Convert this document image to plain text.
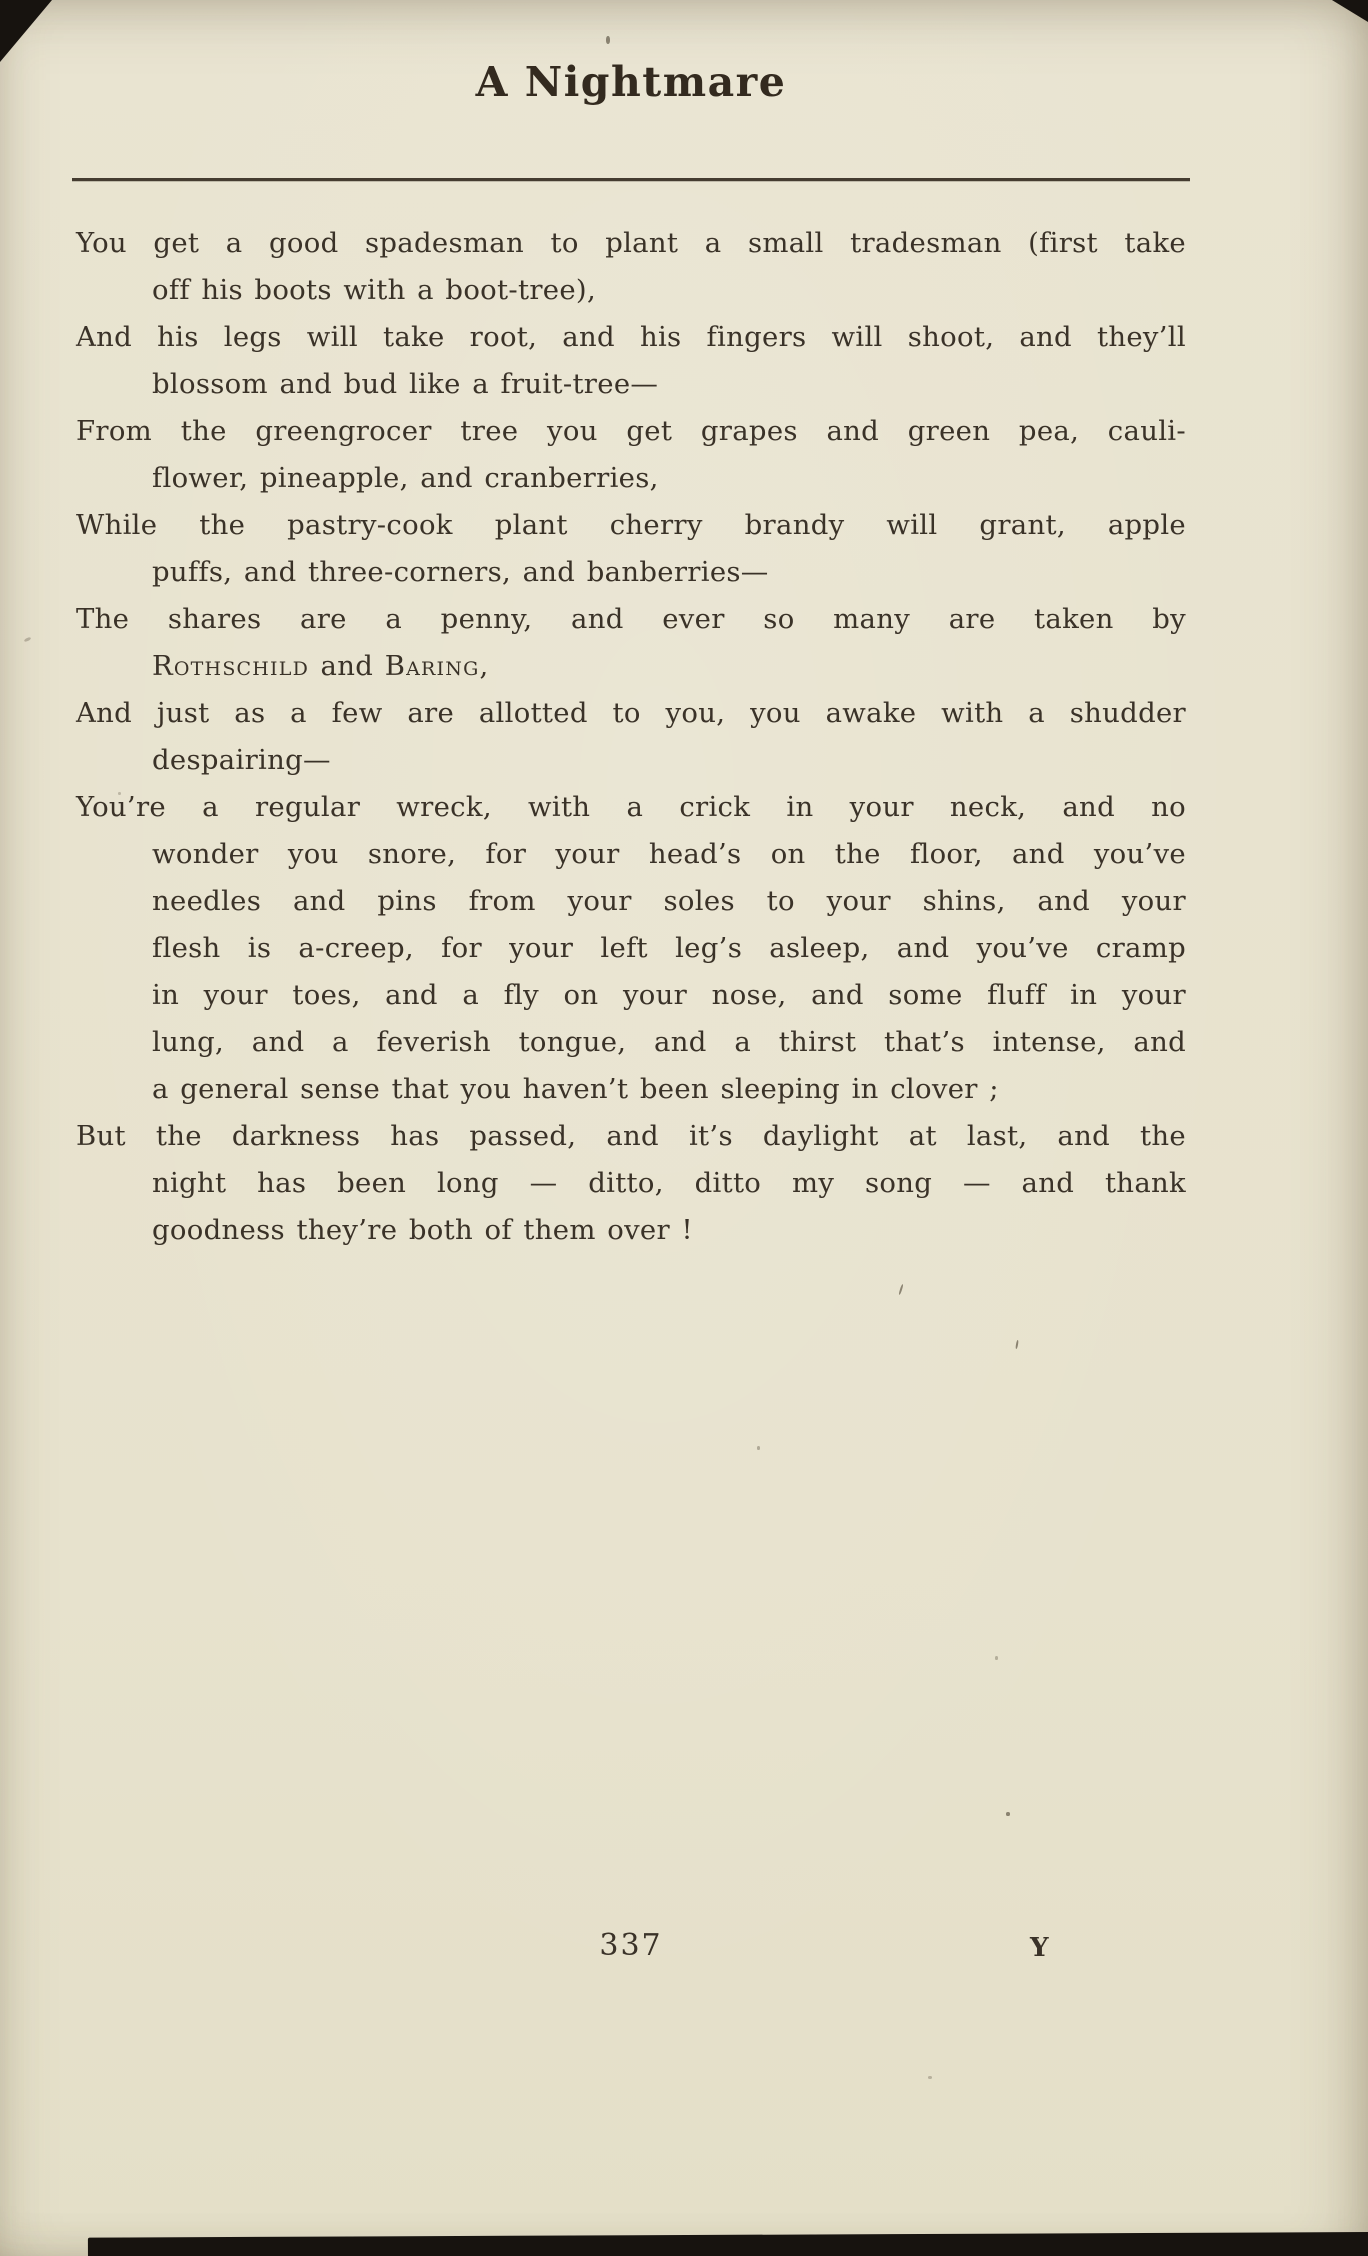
A Nightmare
You get a good spadesman to plant a small tradesman (first take
off his boots with a boot-tree),
And his legs will take root, and his fingers will shoot, and they’ll
blossom and bud like a fruit-tree—
From the greengrocer tree you get grapes and green pea, cauli-
flower, pineapple, and cranberries,
While the pastry-cook plant cherry brandy will grant, apple
puffs, and three-corners, and banberries—
The shares are a penny, and ever so many are taken by
Rothschild and Baring,
And just as a few are allotted to you, you awake with a shudder
despairing—
You’re a regular wreck, with a crick in your neck, and no
wonder you snore, for your head’s on the floor, and you’ve
needles and pins from your soles to your shins, and your
flesh is a-creep, for your left leg’s asleep, and you’ve cramp
in your toes, and a fly on your nose, and some fluff in your
lung, and a feverish tongue, and a thirst that’s intense, and
a general sense that you haven’t been sleeping in clover ;
But the darkness has passed, and it’s daylight at last, and the
night has been long — ditto, ditto my song — and thank
goodness they’re both of them over !
337	Y
